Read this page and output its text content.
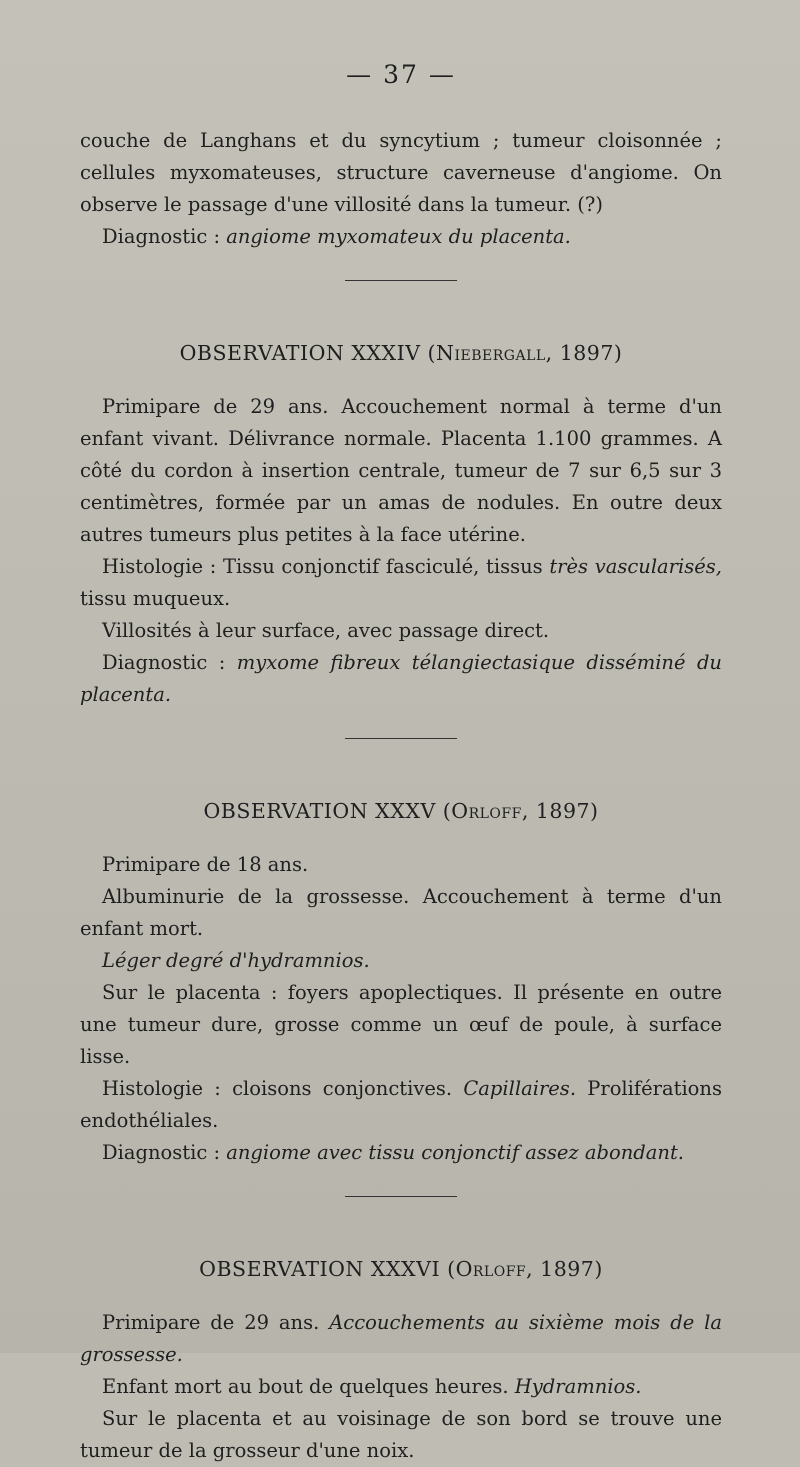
— 37 —

couche de Langhans et du syncytium ; tumeur cloisonnée ; cellules myxomateuses, structure caverneuse d'angiome. On observe le passage d'une villosité dans la tumeur. (?)

Diagnostic : angiome myxomateux du placenta.

OBSERVATION XXXIV (Niebergall, 1897)

Primipare de 29 ans. Accouchement normal à terme d'un enfant vivant. Délivrance normale. Placenta 1.100 grammes. A côté du cordon à insertion centrale, tumeur de 7 sur 6,5 sur 3 centimètres, formée par un amas de nodules. En outre deux autres tumeurs plus petites à la face utérine.

Histologie : Tissu conjonctif fasciculé, tissus très vascularisés, tissu muqueux.

Villosités à leur surface, avec passage direct.

Diagnostic : myxome fibreux télangiectasique disséminé du placenta.

OBSERVATION XXXV (Orloff, 1897)

Primipare de 18 ans.

Albuminurie de la grossesse. Accouchement à terme d'un enfant mort.

Léger degré d'hydramnios.

Sur le placenta : foyers apoplectiques. Il présente en outre une tumeur dure, grosse comme un œuf de poule, à surface lisse.

Histologie : cloisons conjonctives. Capillaires. Proliférations endothéliales.

Diagnostic : angiome avec tissu conjonctif assez abondant.

OBSERVATION XXXVI (Orloff, 1897)

Primipare de 29 ans. Accouchements au sixième mois de la grossesse.

Enfant mort au bout de quelques heures. Hydramnios.

Sur le placenta et au voisinage de son bord se trouve une tumeur de la grosseur d'une noix.
